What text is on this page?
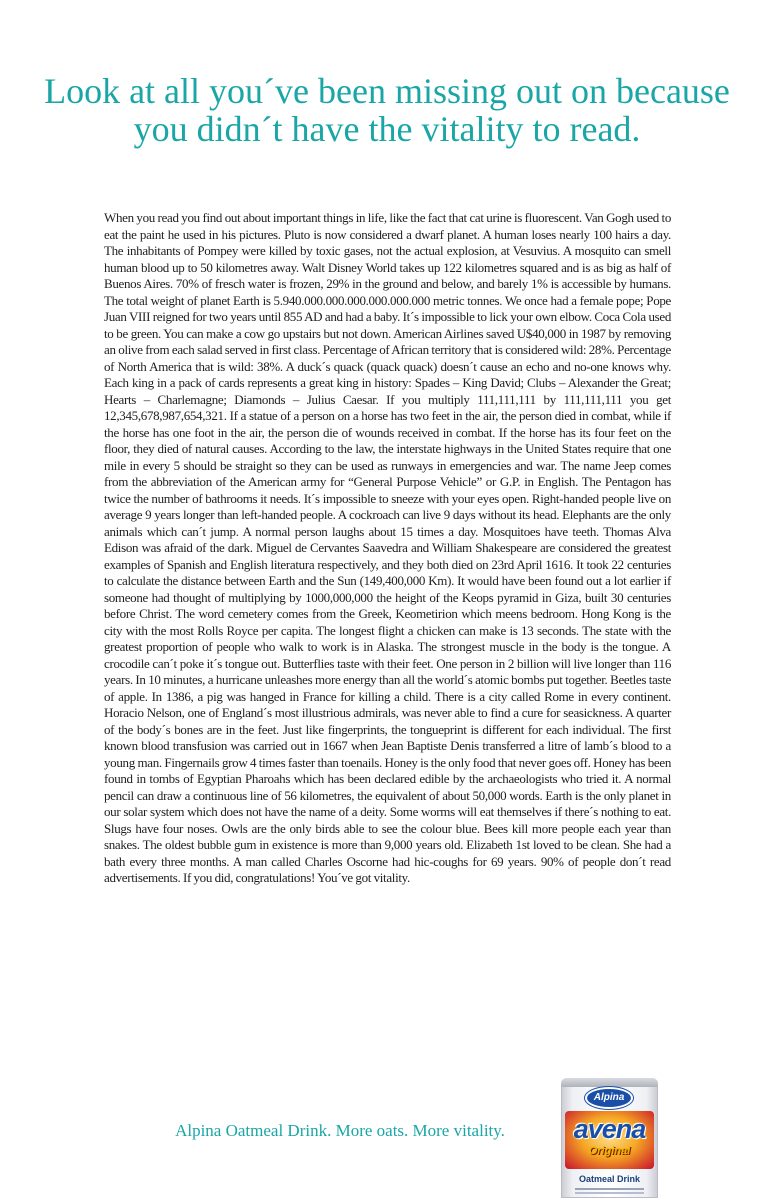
Look at all you´ve been missing out on because you didn´t have the vitality to read.

When you read you find out about important things in life, like the fact that cat urine is fluorescent. Van Gogh used to eat the paint he used in his pictures. Pluto is now considered a dwarf planet. A human loses nearly 100 hairs a day. The inhabitants of Pompey were killed by toxic gases, not the actual explosion, at Vesuvius. A mosquito can smell human blood up to 50 kilometres away. Walt Disney World takes up 122 kilometres squared and is as big as half of Buenos Aires. 70% of fresch water is frozen, 29% in the ground and below, and barely 1% is accessible by humans. The total weight of planet Earth is 5.940.000.000.000.000.000.000 metric tonnes. We once had a female pope; Pope Juan VIII reigned for two years until 855 AD and had a baby. It´s impossible to lick your own elbow. Coca Cola used to be green. You can make a cow go upstairs but not down. American Airlines saved U$40,000 in 1987 by removing an olive from each salad served in first class. Percentage of African territory that is considered wild: 28%. Percentage of North America that is wild: 38%. A duck´s quack (quack quack) doesn´t cause an echo and no-one knows why. Each king in a pack of cards represents a great king in history: Spades – King David; Clubs – Alexander the Great; Hearts – Charlemagne; Diamonds – Julius Caesar. If you multiply 111,111,111 by 111,111,111 you get 12,345,678,987,654,321. If a statue of a person on a horse has two feet in the air, the person died in combat, while if the horse has one foot in the air, the person die of wounds received in combat. If the horse has its four feet on the floor, they died of natural causes. According to the law, the interstate highways in the United States require that one mile in every 5 should be straight so they can be used as runways in emergencies and war. The name Jeep comes from the abbreviation of the American army for “General Purpose Vehicle” or G.P. in English. The Pentagon has twice the number of bathrooms it needs. It´s impossible to sneeze with your eyes open. Right-handed people live on average 9 years longer than left-handed people. A cockroach can live 9 days without its head. Elephants are the only animals which can´t jump. A normal person laughs about 15 times a day. Mosquitoes have teeth. Thomas Alva Edison was afraid of the dark. Miguel de Cervantes Saavedra and William Shakespeare are considered the greatest examples of Spanish and English literatura respectively, and they both died on 23rd April 1616. It took 22 centuries to calculate the distance between Earth and the Sun (149,400,000 Km). It would have been found out a lot earlier if someone had thought of multiplying by 1000,000,000 the height of the Keops pyramid in Giza, built 30 centuries before Christ. The word cemetery comes from the Greek, Keometirion which meens bedroom. Hong Kong is the city with the most Rolls Royce per capita. The longest flight a chicken can make is 13 seconds. The state with the greatest proportion of people who walk to work is in Alaska. The strongest muscle in the body is the tongue. A crocodile can´t poke it´s tongue out. Butterflies taste with their feet. One person in 2 billion will live longer than 116 years. In 10 minutes, a hurricane unleashes more energy than all the world´s atomic bombs put together. Beetles taste of apple. In 1386, a pig was hanged in France for killing a child. There is a city called Rome in every continent. Horacio Nelson, one of England´s most illustrious admirals, was never able to find a cure for seasickness. A quarter of the body´s bones are in the feet. Just like fingerprints, the tongueprint is different for each individual. The first known blood transfusion was carried out in 1667 when Jean Baptiste Denis transferred a litre of lamb´s blood to a young man. Fingernails grow 4 times faster than toenails. Honey is the only food that never goes off. Honey has been found in tombs of Egyptian Pharoahs which has been declared edible by the archaeologists who tried it. A normal pencil can draw a continuous line of 56 kilometres, the equivalent of about 50,000 words. Earth is the only planet in our solar system which does not have the name of a deity. Some worms will eat themselves if there´s nothing to eat. Slugs have four noses. Owls are the only birds able to see the colour blue. Bees kill more people each year than snakes. The oldest bubble gum in existence is more than 9,000 years old. Elizabeth 1st loved to be clean. She had a bath every three months. A man called Charles Oscorne had hic-coughs for 69 years. 90% of people don´t read advertisements. If you did, congratulations! You´ve got vitality.

Alpina Oatmeal Drink. More oats. More vitality.

Alpina
avena
Original
Oatmeal Drink
